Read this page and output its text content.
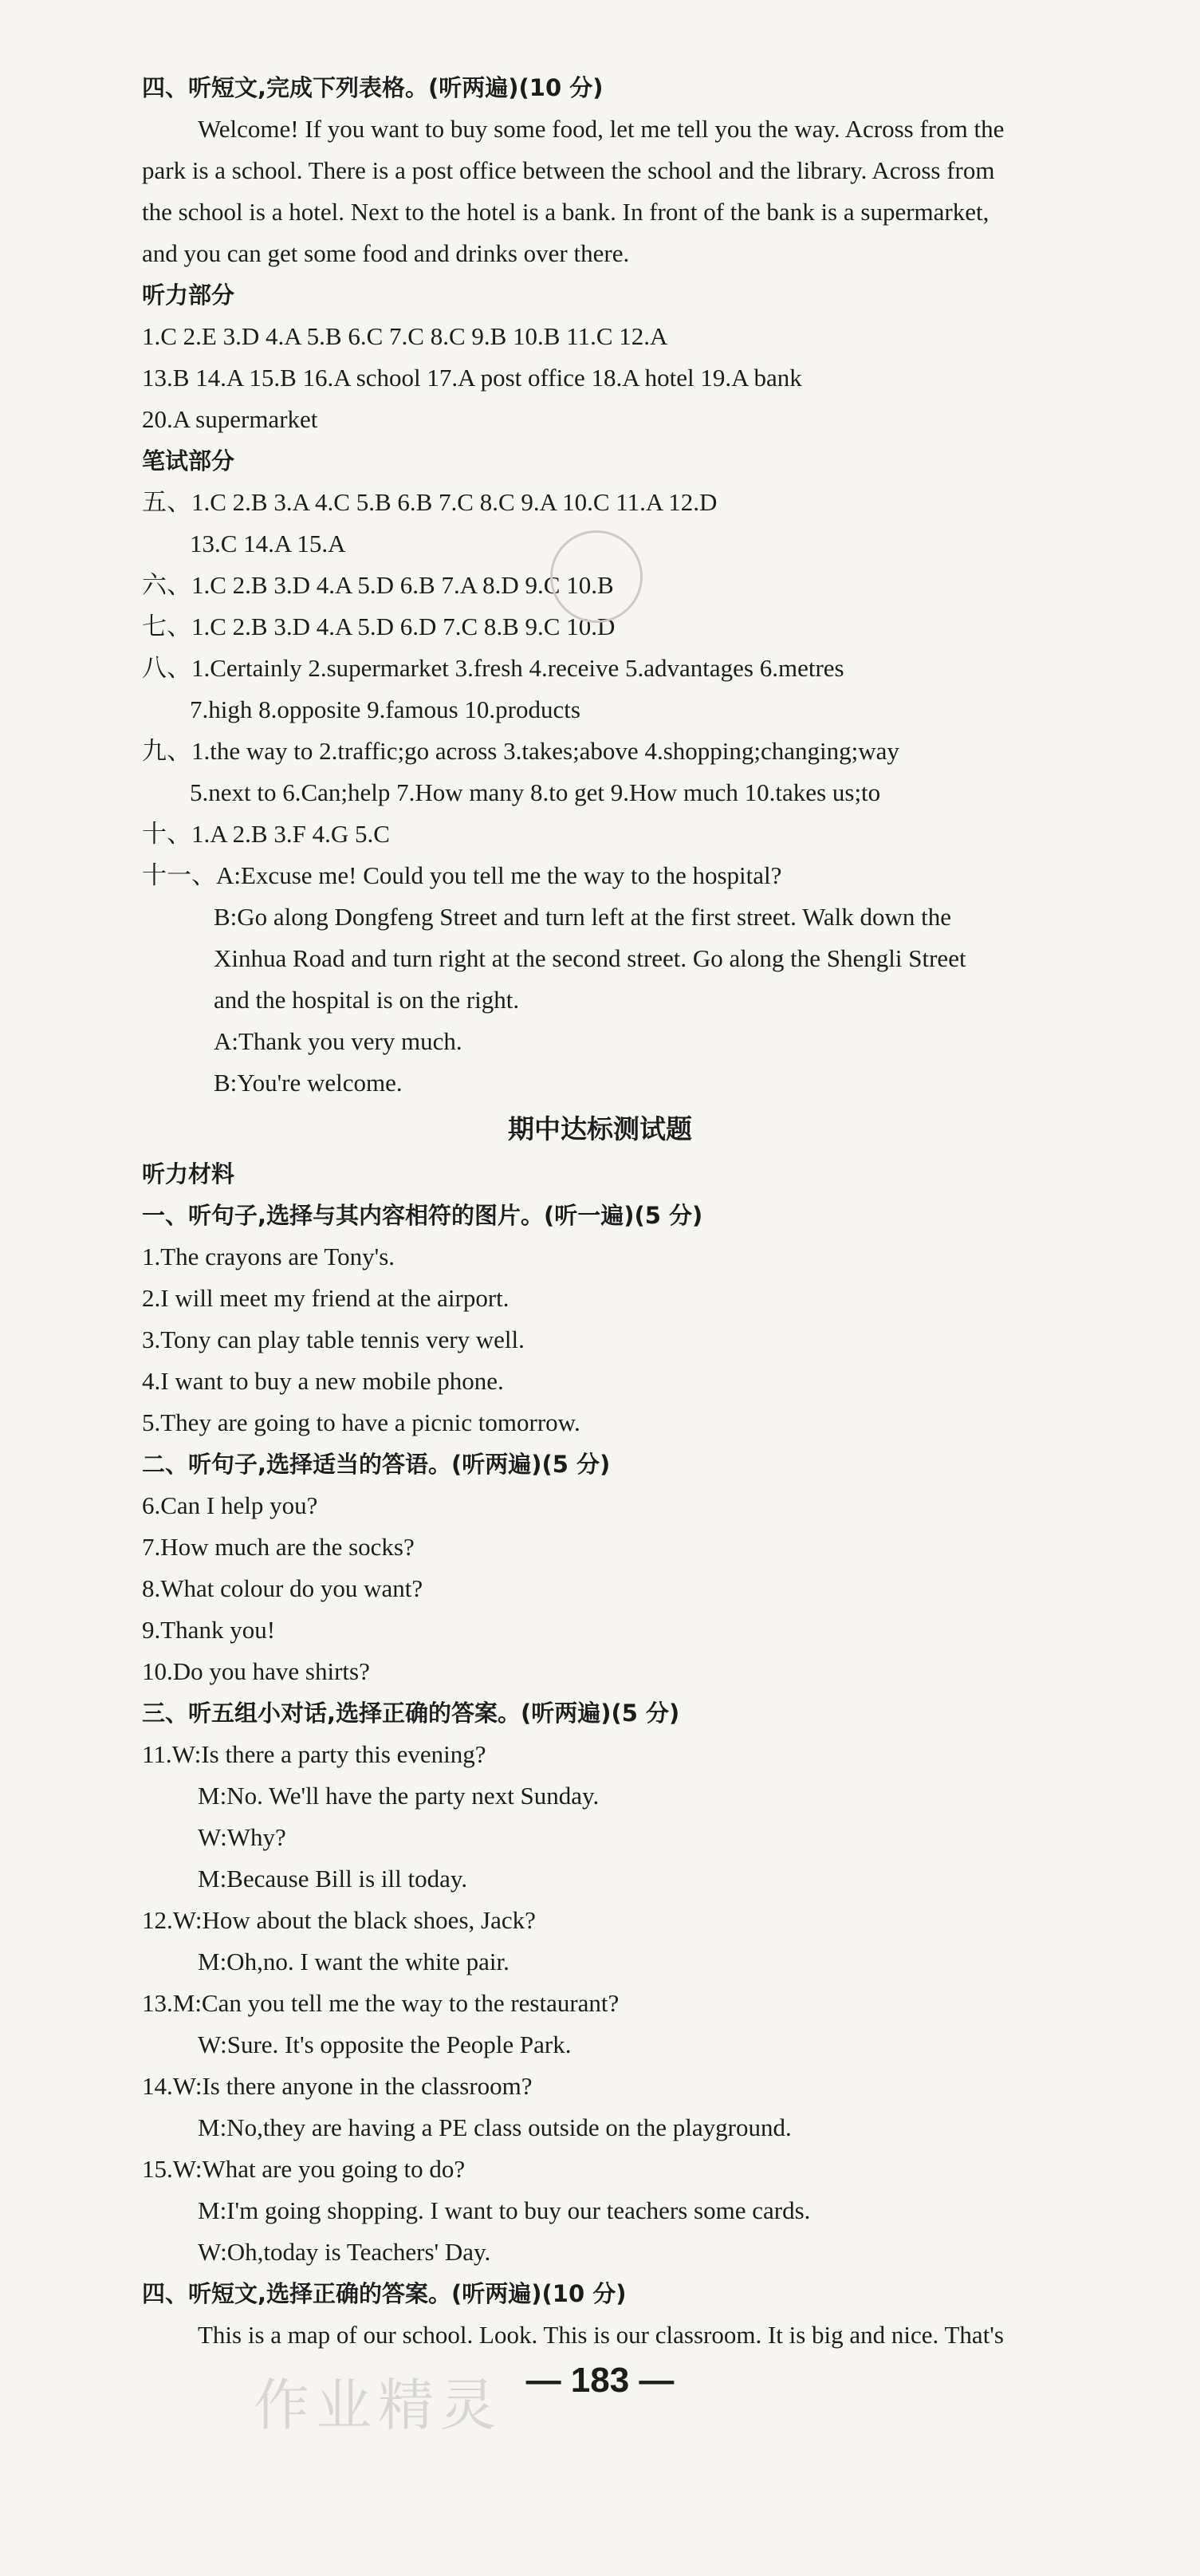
四、听短文,完成下列表格。(听两遍)(10 分)
Welcome! If you want to buy some food, let me tell you the way. Across from the
park is a school. There is a post office between the school and the library. Across from
the school is a hotel. Next to the hotel is a bank. In front of the bank is a supermarket,
and you can get some food and drinks over there.
听力部分
1.C 2.E 3.D 4.A 5.B 6.C 7.C 8.C 9.B 10.B 11.C 12.A
13.B 14.A 15.B 16.A school 17.A post office 18.A hotel 19.A bank
20.A supermarket
笔试部分
五、1.C 2.B 3.A 4.C 5.B 6.B 7.C 8.C 9.A 10.C 11.A 12.D
13.C 14.A 15.A
六、1.C 2.B 3.D 4.A 5.D 6.B 7.A 8.D 9.C 10.B
七、1.C 2.B 3.D 4.A 5.D 6.D 7.C 8.B 9.C 10.D
八、1.Certainly 2.supermarket 3.fresh 4.receive 5.advantages 6.metres
7.high 8.opposite 9.famous 10.products
九、1.the way to 2.traffic;go across 3.takes;above 4.shopping;changing;way
5.next to 6.Can;help 7.How many 8.to get 9.How much 10.takes us;to
十、1.A 2.B 3.F 4.G 5.C
十一、A:Excuse me! Could you tell me the way to the hospital?
B:Go along Dongfeng Street and turn left at the first street. Walk down the
Xinhua Road and turn right at the second street. Go along the Shengli Street
and the hospital is on the right.
A:Thank you very much.
B:You're welcome.
听力材料
一、听句子,选择与其内容相符的图片。(听一遍)(5 分)
1.The crayons are Tony's.
2.I will meet my friend at the airport.
3.Tony can play table tennis very well.
4.I want to buy a new mobile phone.
5.They are going to have a picnic tomorrow.
二、听句子,选择适当的答语。(听两遍)(5 分)
6.Can I help you?
7.How much are the socks?
8.What colour do you want?
9.Thank you!
10.Do you have shirts?
三、听五组小对话,选择正确的答案。(听两遍)(5 分)
11.W:Is there a party this evening?
M:No. We'll have the party next Sunday.
W:Why?
M:Because Bill is ill today.
12.W:How about the black shoes, Jack?
M:Oh,no. I want the white pair.
13.M:Can you tell me the way to the restaurant?
W:Sure. It's opposite the People Park.
14.W:Is there anyone in the classroom?
M:No,they are having a PE class outside on the playground.
15.W:What are you going to do?
M:I'm going shopping. I want to buy our teachers some cards.
W:Oh,today is Teachers' Day.
四、听短文,选择正确的答案。(听两遍)(10 分)
This is a map of our school. Look. This is our classroom. It is big and nice. That's
期中达标测试题
作业精灵 — 183 —
